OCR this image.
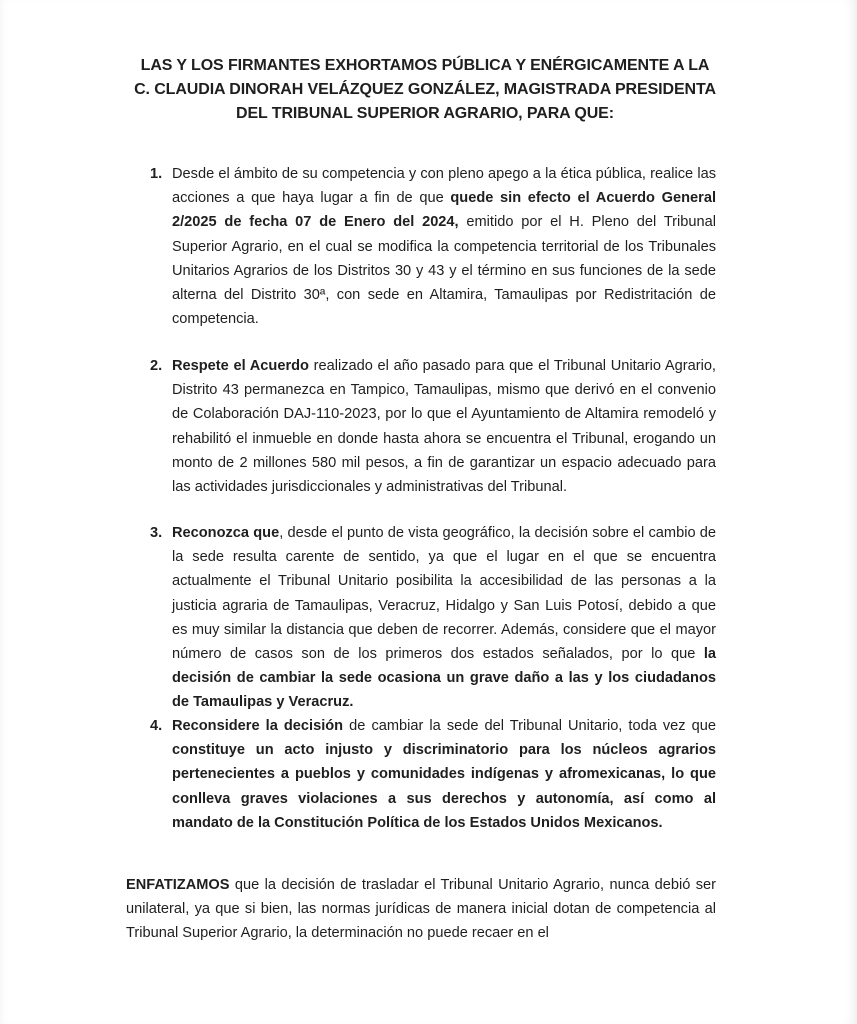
LAS Y LOS FIRMANTES EXHORTAMOS PÚBLICA Y ENÉRGICAMENTE A LA
C. CLAUDIA DINORAH VELÁZQUEZ GONZÁLEZ, MAGISTRADA PRESIDENTA
DEL TRIBUNAL SUPERIOR AGRARIO, PARA QUE:
1. Desde el ámbito de su competencia y con pleno apego a la ética pública, realice las acciones a que haya lugar a fin de que quede sin efecto el Acuerdo General 2/2025 de fecha 07 de Enero del 2024, emitido por el H. Pleno del Tribunal Superior Agrario, en el cual se modifica la competencia territorial de los Tribunales Unitarios Agrarios de los Distritos 30 y 43 y el término en sus funciones de la sede alterna del Distrito 30ª, con sede en Altamira, Tamaulipas por Redistritación de competencia.
2. Respete el Acuerdo realizado el año pasado para que el Tribunal Unitario Agrario, Distrito 43 permanezca en Tampico, Tamaulipas, mismo que derivó en el convenio de Colaboración DAJ-110-2023, por lo que el Ayuntamiento de Altamira remodeló y rehabilitó el inmueble en donde hasta ahora se encuentra el Tribunal, erogando un monto de 2 millones 580 mil pesos, a fin de garantizar un espacio adecuado para las actividades jurisdiccionales y administrativas del Tribunal.
3. Reconozca que, desde el punto de vista geográfico, la decisión sobre el cambio de la sede resulta carente de sentido, ya que el lugar en el que se encuentra actualmente el Tribunal Unitario posibilita la accesibilidad de las personas a la justicia agraria de Tamaulipas, Veracruz, Hidalgo y San Luis Potosí, debido a que es muy similar la distancia que deben de recorrer. Además, considere que el mayor número de casos son de los primeros dos estados señalados, por lo que la decisión de cambiar la sede ocasiona un grave daño a las y los ciudadanos de Tamaulipas y Veracruz.
4. Reconsidere la decisión de cambiar la sede del Tribunal Unitario, toda vez que constituye un acto injusto y discriminatorio para los núcleos agrarios pertenecientes a pueblos y comunidades indígenas y afromexicanas, lo que conlleva graves violaciones a sus derechos y autonomía, así como al mandato de la Constitución Política de los Estados Unidos Mexicanos.
ENFATIZAMOS que la decisión de trasladar el Tribunal Unitario Agrario, nunca debió ser unilateral, ya que si bien, las normas jurídicas de manera inicial dotan de competencia al Tribunal Superior Agrario, la determinación no puede recaer en el
